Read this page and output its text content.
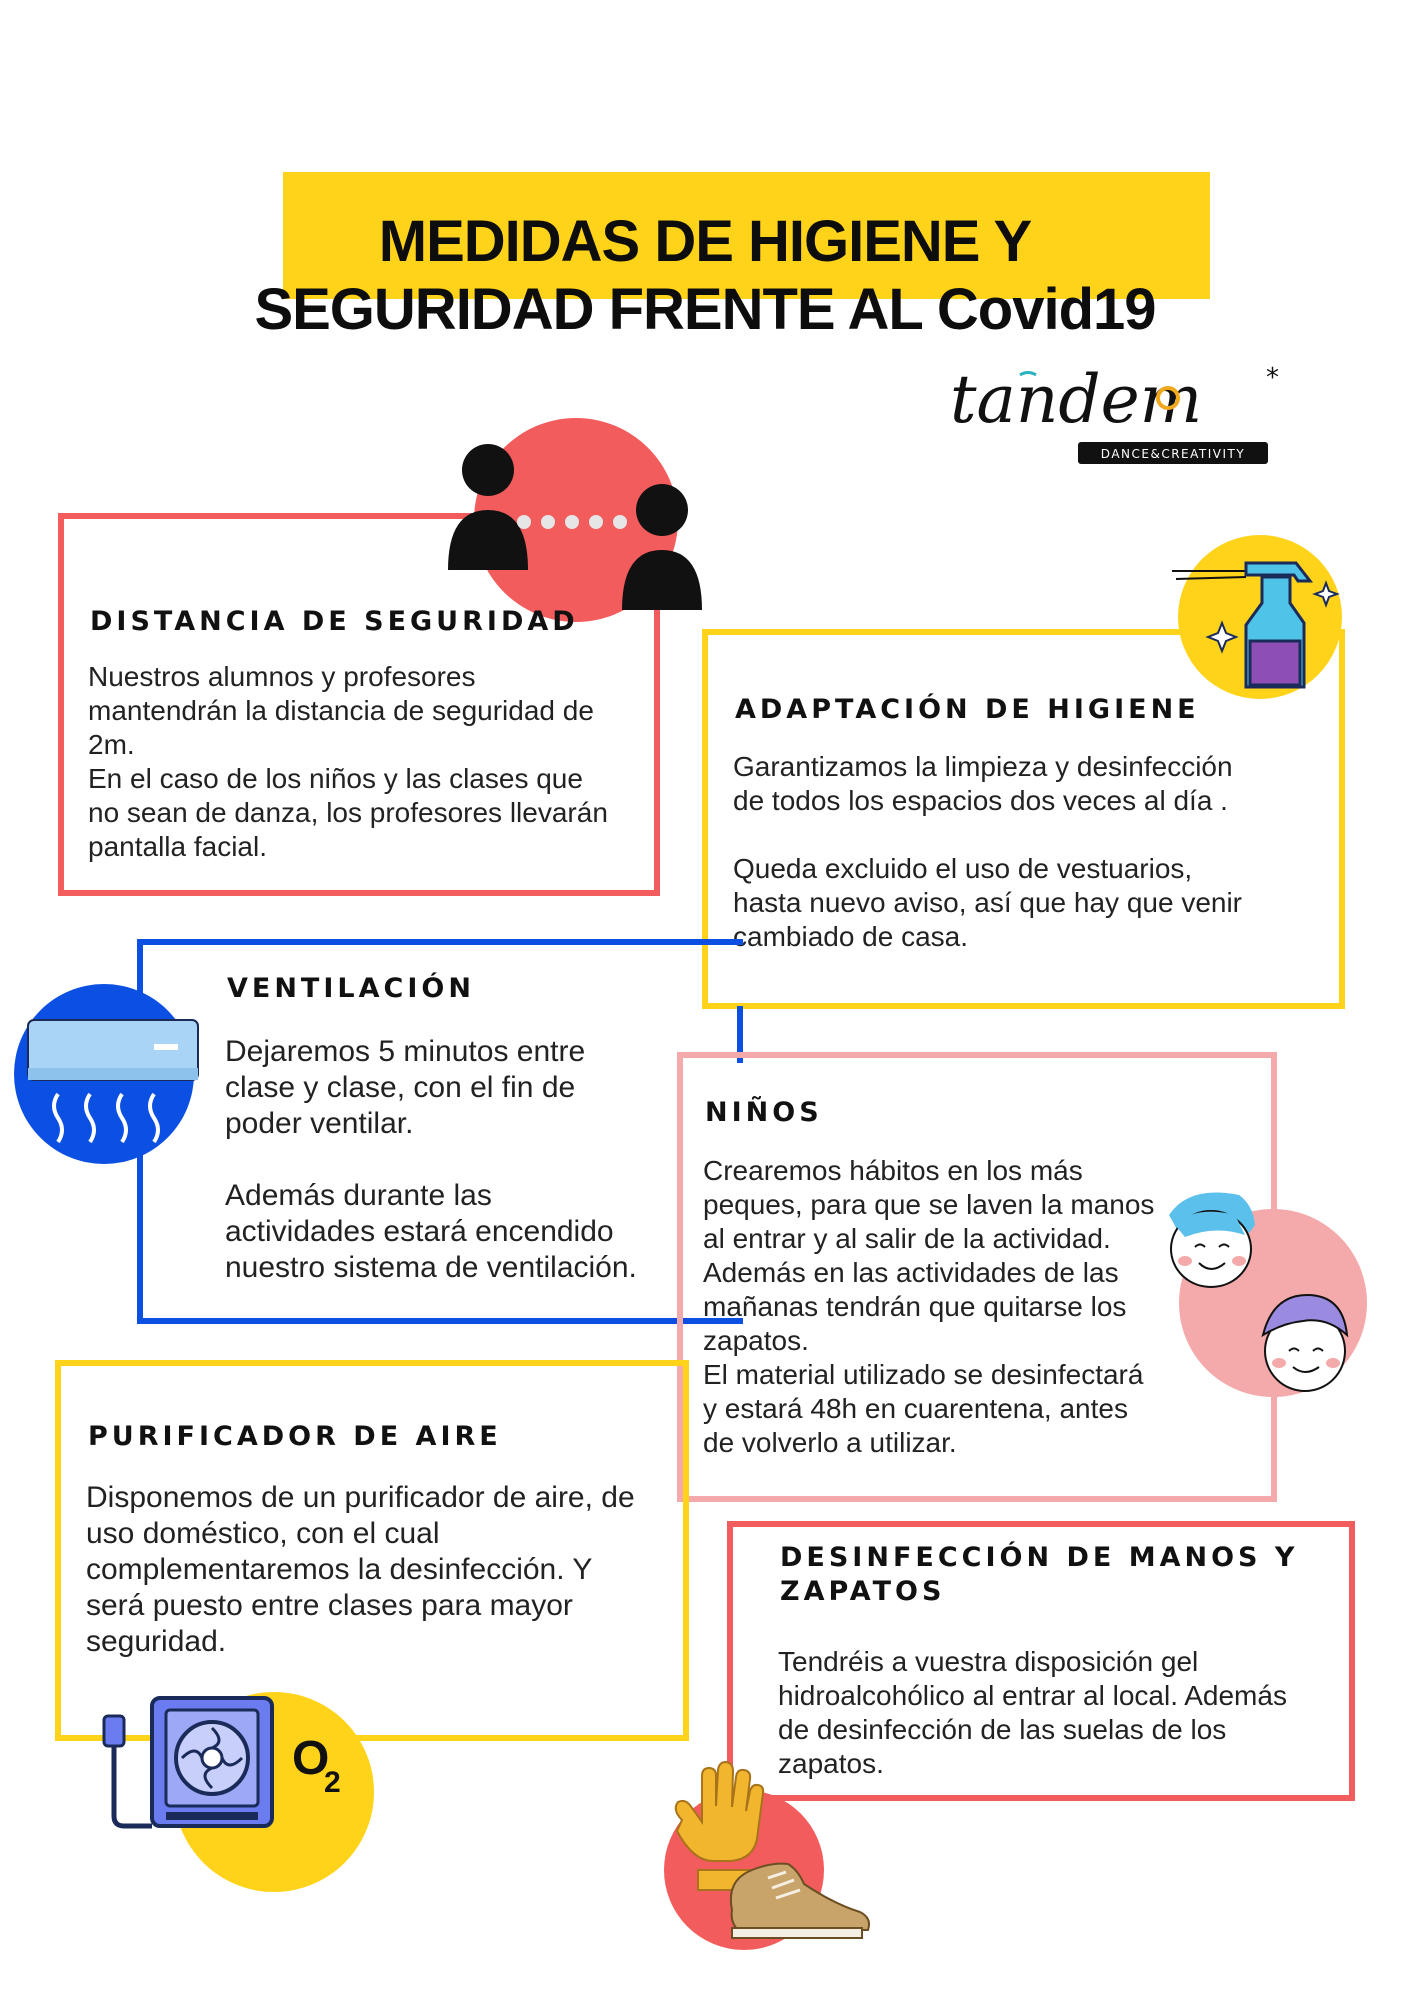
MEDIDAS DE HIGIENE Y
SEGURIDAD FRENTE AL Covid19
tandem *
DANCE&CREATIVITY
DISTANCIA DE SEGURIDAD

Nuestros alumnos y profesores
mantendrán la distancia de seguridad de
2m.
En el caso de los niños y las clases que
no sean de danza, los profesores llevarán
pantalla facial.

ADAPTACIÓN DE HIGIENE

Garantizamos la limpieza y desinfección
de todos los espacios dos veces al día .

Queda excluido el uso de vestuarios,
hasta nuevo aviso, así que hay que venir
cambiado de casa.

VENTILACIÓN

Dejaremos 5 minutos entre
clase y clase, con el fin de
poder ventilar.

Además durante las
actividades estará encendido
nuestro sistema de ventilación.

NIÑOS

Crearemos hábitos en los más
peques, para que se laven la manos
al entrar y al salir de la actividad.
Además en las actividades de las
mañanas tendrán que quitarse los
zapatos.
El material utilizado se desinfectará
y estará 48h en cuarentena, antes
de volverlo a utilizar.

O
2
PURIFICADOR DE AIRE

Disponemos de un purificador de aire, de
uso doméstico, con el cual
complementaremos la desinfección. Y
será puesto entre clases para mayor
seguridad.

DESINFECCIÓN DE MANOS Y
ZAPATOS

Tendréis a vuestra disposición gel
hidroalcohólico al entrar al local. Además
de desinfección de las suelas de los
zapatos.
